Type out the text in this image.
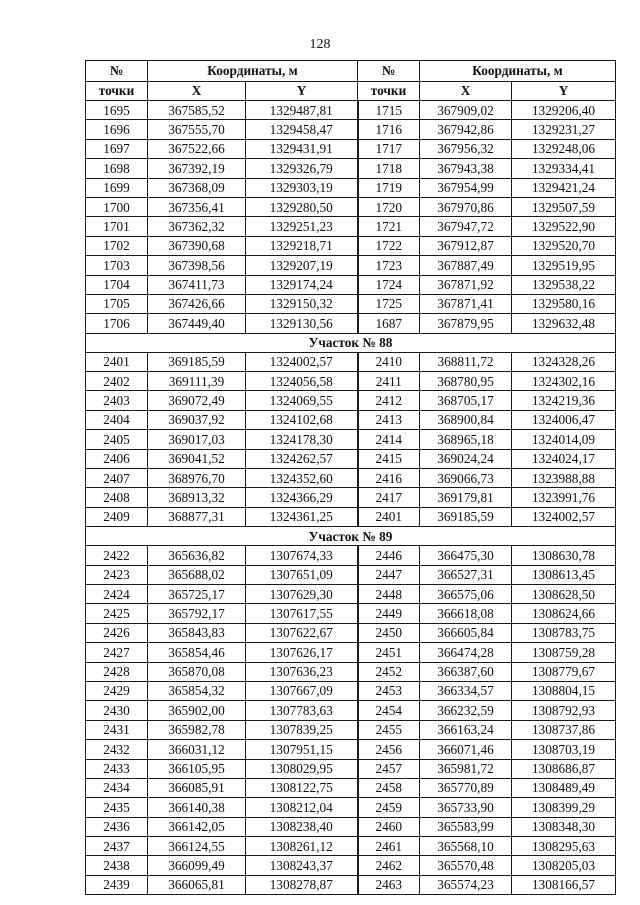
128
№	Координаты, м		№	Координаты, м	
точки	X	Y	точки	X	Y
1695	367585,52	1329487,81	1715	367909,02	1329206,40
1696	367555,70	1329458,47	1716	367942,86	1329231,27
1697	367522,66	1329431,91	1717	367956,32	1329248,06
1698	367392,19	1329326,79	1718	367943,38	1329334,41
1699	367368,09	1329303,19	1719	367954,99	1329421,24
1700	367356,41	1329280,50	1720	367970,86	1329507,59
1701	367362,32	1329251,23	1721	367947,72	1329522,90
1702	367390,68	1329218,71	1722	367912,87	1329520,70
1703	367398,56	1329207,19	1723	367887,49	1329519,95
1704	367411,73	1329174,24	1724	367871,92	1329538,22
1705	367426,66	1329150,32	1725	367871,41	1329580,16
1706	367449,40	1329130,56	1687	367879,95	1329632,48
Участок № 88					
2401	369185,59	1324002,57	2410	368811,72	1324328,26
2402	369111,39	1324056,58	2411	368780,95	1324302,16
2403	369072,49	1324069,55	2412	368705,17	1324219,36
2404	369037,92	1324102,68	2413	368900,84	1324006,47
2405	369017,03	1324178,30	2414	368965,18	1324014,09
2406	369041,52	1324262,57	2415	369024,24	1324024,17
2407	368976,70	1324352,60	2416	369066,73	1323988,88
2408	368913,32	1324366,29	2417	369179,81	1323991,76
2409	368877,31	1324361,25	2401	369185,59	1324002,57
Участок № 89					
2422	365636,82	1307674,33	2446	366475,30	1308630,78
2423	365688,02	1307651,09	2447	366527,31	1308613,45
2424	365725,17	1307629,30	2448	366575,06	1308628,50
2425	365792,17	1307617,55	2449	366618,08	1308624,66
2426	365843,83	1307622,67	2450	366605,84	1308783,75
2427	365854,46	1307626,17	2451	366474,28	1308759,28
2428	365870,08	1307636,23	2452	366387,60	1308779,67
2429	365854,32	1307667,09	2453	366334,57	1308804,15
2430	365902,00	1307783,63	2454	366232,59	1308792,93
2431	365982,78	1307839,25	2455	366163,24	1308737,86
2432	366031,12	1307951,15	2456	366071,46	1308703,19
2433	366105,95	1308029,95	2457	365981,72	1308686,87
2434	366085,91	1308122,75	2458	365770,89	1308489,49
2435	366140,38	1308212,04	2459	365733,90	1308399,29
2436	366142,05	1308238,40	2460	365583,99	1308348,30
2437	366124,55	1308261,12	2461	365568,10	1308295,63
2438	366099,49	1308243,37	2462	365570,48	1308205,03
2439	366065,81	1308278,87	2463	365574,23	1308166,57
